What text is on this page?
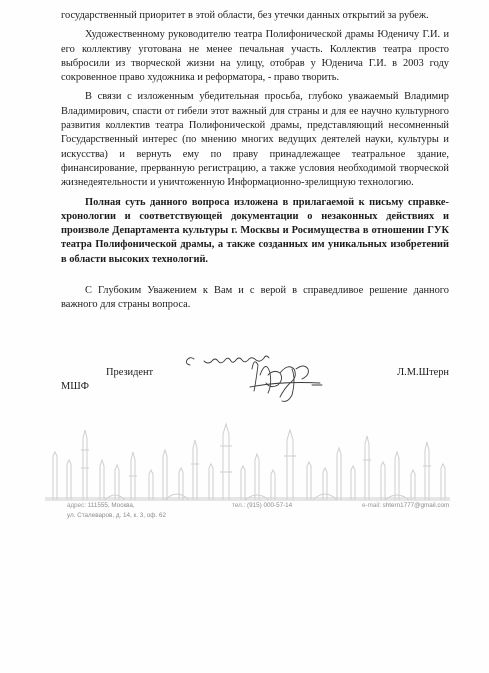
государственный приоритет в этой области, без утечки данных открытий за рубеж.

Художественному руководителю театра Полифонической драмы Юденичу Г.И. и его коллективу уготована не менее печальная участь. Коллектив театра просто выбросили из творческой жизни на улицу, отобрав у Юденича Г.И. в 2003 году сокровенное право художника и реформатора, - право творить.

В связи с изложенным убедительная просьба, глубоко уважаемый Владимир Владимирович, спасти от гибели этот важный для страны и для ее научно культурного развития коллектив театра Полифонической драмы, представляющий несомненный Государственный интерес (по мнению многих ведущих деятелей науки, культуры и искусства) и вернуть ему по праву принадлежащее театральное здание, финансирование, прерванную регистрацию, а также условия необходимой творческой жизнедеятельности и уничтоженную Информационно-зрелищную технологию.

Полная суть данного вопроса изложена в прилагаемой к письму справке-хронологии и соответствующей документации о незаконных действиях и произволе Департамента культуры г. Москвы и Росимущества в отношении ГУК театра Полифонической драмы, а также созданных им уникальных изобретений в области высоких технологий.

С Глубоким Уважением к Вам и с верой в справедливое решение данного важного для страны вопроса.

Президент
МШФ
Л.М.Штерн
адрес: 111555, Москва,
ул. Сталеваров, д. 14, к. 3, оф. 62
тел.: (915) 000-57-14	e-mail: shtern1777@gmail.com
